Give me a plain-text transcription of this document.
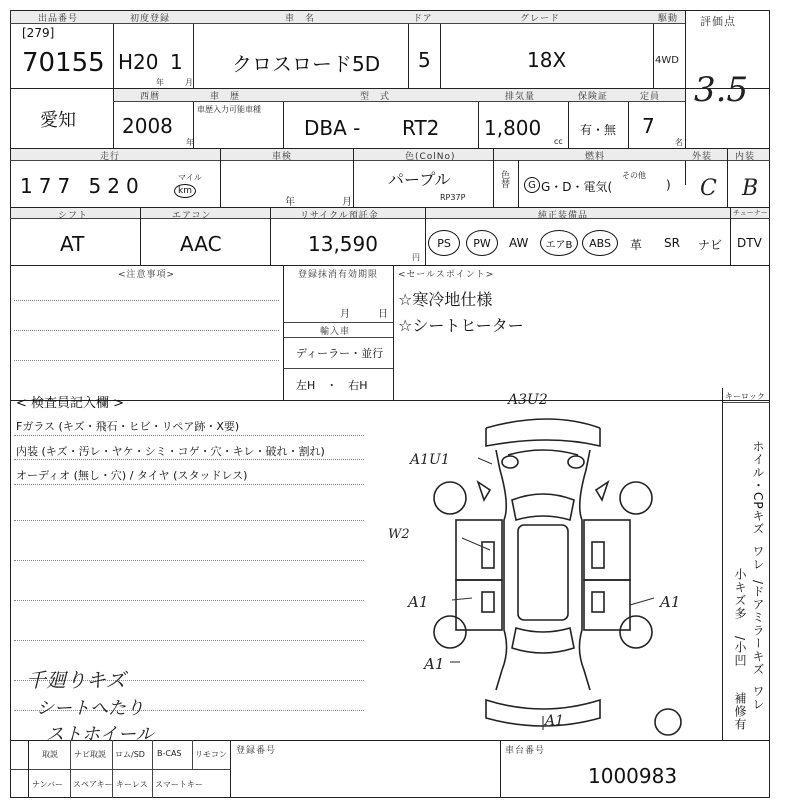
出品番号
[279]
70155
初度登録
H20 1
年	月
車　名
クロスロード5D
ドア
5
グレード
18X
駆動
4WD
評価点
3.5
愛知
西暦
2008
年
車　歴
車歴入力可能車種
型　式
DBA - RT2
排気量
1,800
cc
保険証
有・無
定員
7
名
走行
177 520	マイル
km
車検
年	月
色(ColNo)
パープル
RP37P
色替
燃料
G G・D・電気(
その他
)
外装	内装
C B
シフト
AT
エアコン
AAC
リサイクル預託金
13,590
円
純正装備品	チューナー
PS	PW	AW	エアB	ABS	革 SR ナビ DTV
<注意事項>	登録抹消有効期限
月	日
輸入車
ディーラー・並行
左H　・　右H
<セールスポイント>
☆寒冷地仕様
☆シートヒーター
キーロック
< 検査員記入欄 >
Fガラス (キズ・飛石・ヒビ・リペア跡・X要)
内装 (キズ・汚レ・ヤケ・シミ・コゲ・穴・キレ・破れ・割れ)
オーディオ (無し・穴) / タイヤ (スタッドレス)
千廻りキズ
シートへたり
ストホイール
A3U2
A1U1
W2
A1	A1
A1
A1
ホイル・CPキズ
ワレ
/ドアミラーキズ
ワレ
小キズ多
/小凹
補修有
取説 ナビ取説 ロム/SD B-CAS リモコン
ナンバー スペアキー キーレス スマートキー
登録番号	車台番号
1000983
